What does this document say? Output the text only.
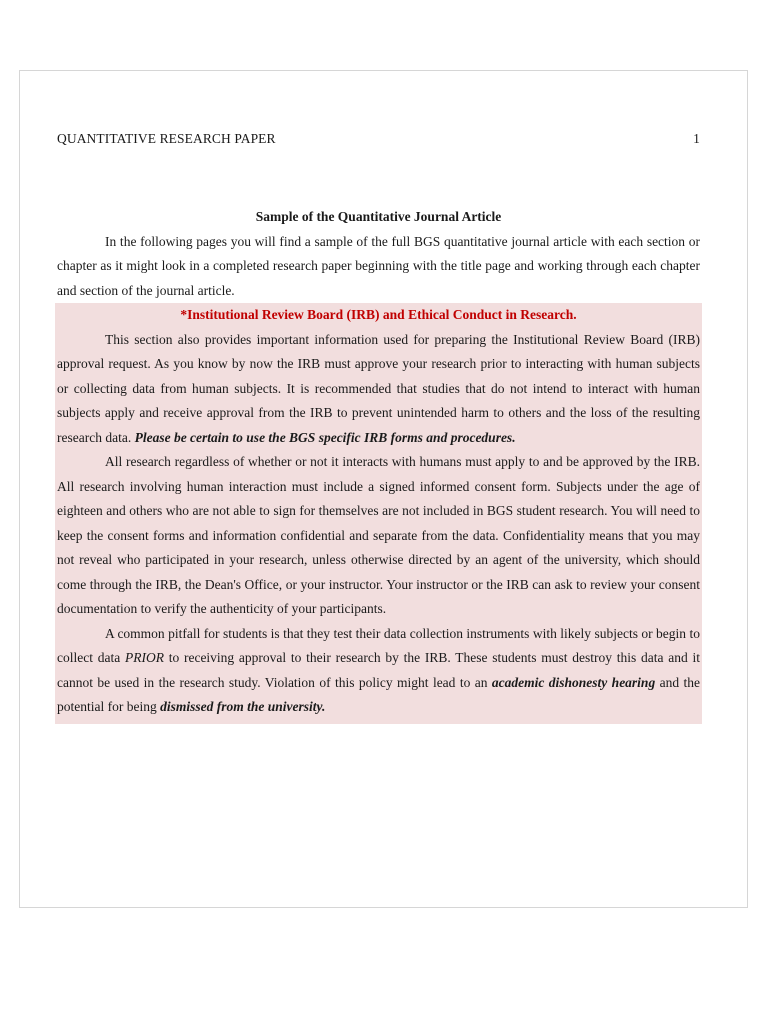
QUANTITATIVE RESEARCH PAPER	1

Sample of the Quantitative Journal Article

In the following pages you will find a sample of the full BGS quantitative journal article with each section or chapter as it might look in a completed research paper beginning with the title page and working through each chapter and section of the journal article.

*Institutional Review Board (IRB) and Ethical Conduct in Research.

This section also provides important information used for preparing the Institutional Review Board (IRB) approval request. As you know by now the IRB must approve your research prior to interacting with human subjects or collecting data from human subjects. It is recommended that studies that do not intend to interact with human subjects apply and receive approval from the IRB to prevent unintended harm to others and the loss of the resulting research data. Please be certain to use the BGS specific IRB forms and procedures.

All research regardless of whether or not it interacts with humans must apply to and be approved by the IRB. All research involving human interaction must include a signed informed consent form. Subjects under the age of eighteen and others who are not able to sign for themselves are not included in BGS student research. You will need to keep the consent forms and information confidential and separate from the data. Confidentiality means that you may not reveal who participated in your research, unless otherwise directed by an agent of the university, which should come through the IRB, the Dean's Office, or your instructor. Your instructor or the IRB can ask to review your consent documentation to verify the authenticity of your participants.

A common pitfall for students is that they test their data collection instruments with likely subjects or begin to collect data PRIOR to receiving approval to their research by the IRB. These students must destroy this data and it cannot be used in the research study. Violation of this policy might lead to an academic dishonesty hearing and the potential for being dismissed from the university.
